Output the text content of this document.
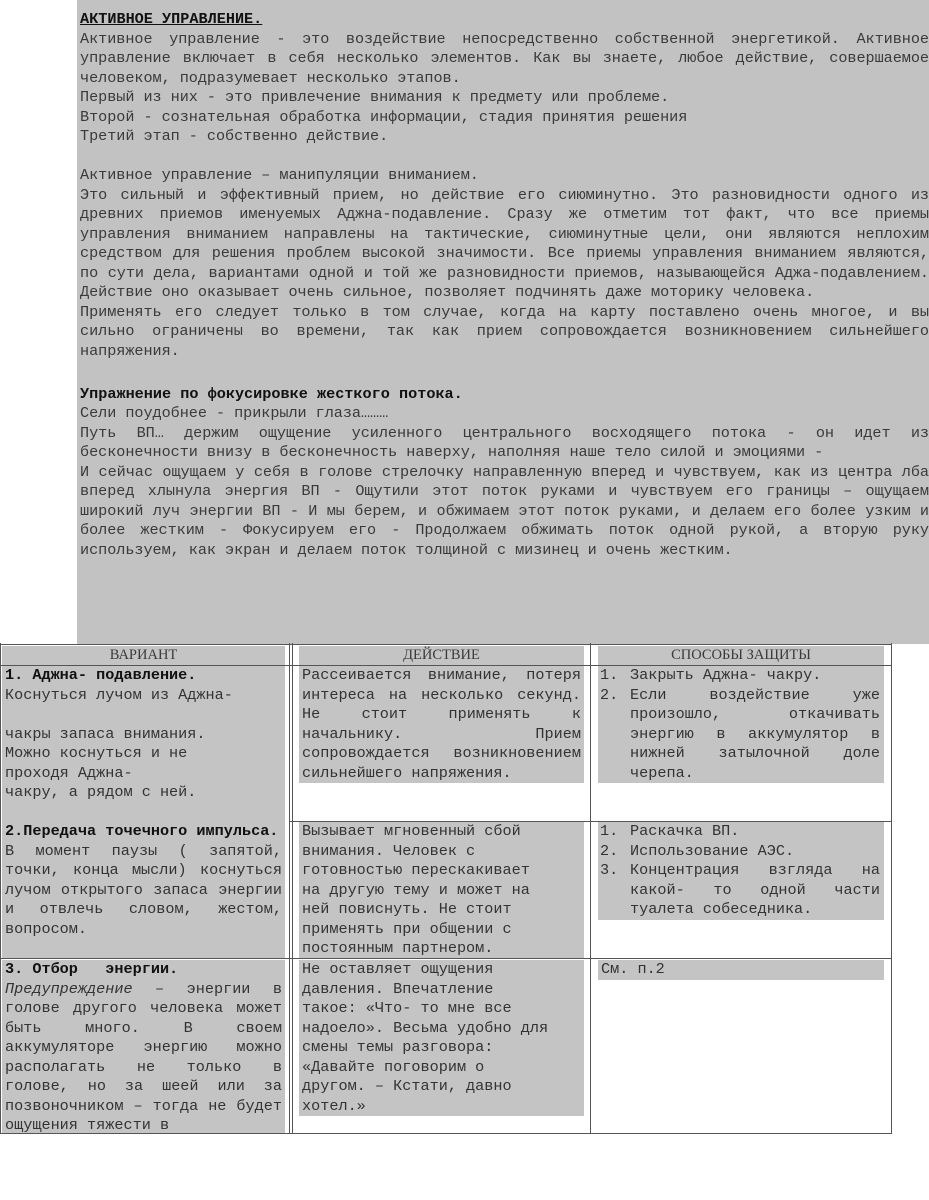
АКТИВНОЕ УПРАВЛЕНИЕ.

Активное управление - это воздействие непосредственно собственной энергетикой. Активное управление включает в себя несколько элементов. Как вы знаете, любое действие, совершаемое человеком, подразумевает несколько этапов.

Первый из них - это привлечение внимания к предмету или проблеме.

Второй - сознательная обработка информации, стадия принятия решения

Третий этап - собственно действие.

Активное управление – манипуляции вниманием.

Это сильный и эффективный прием, но действие его сиюминутно. Это разновидности одного из древних приемов именуемых Аджна-подавление. Сразу же отметим тот факт, что все приемы управления вниманием направлены на тактические, сиюминутные цели, они являются неплохим средством для решения проблем высокой значимости. Все приемы управления вниманием являются, по сути дела, вариантами одной и той же разновидности приемов, называющейся Аджа-подавлением. Действие оно оказывает очень сильное, позволяет подчинять даже моторику человека.

Применять его следует только в том случае, когда на карту поставлено очень многое, и вы сильно ограничены во времени, так как прием сопровождается возникновением сильнейшего напряжения.

Упражнение по фокусировке жесткого потока.

Сели поудобнее - прикрыли глаза………

Путь ВП… держим ощущение усиленного центрального восходящего потока - он идет из бесконечности внизу в бесконечность наверху, наполняя наше тело силой и эмоциями -

И сейчас ощущаем у себя в голове стрелочку направленную вперед и чувствуем, как из центра лба вперед хлынула энергия ВП - Ощутили этот поток руками и чувствуем его границы – ощущаем широкий луч энергии ВП - И мы берем, и обжимаем этот поток руками, и делаем его более узким и более жестким - Фокусируем его - Продолжаем обжимать поток одной рукой, а вторую руку используем, как экран и делаем поток толщиной с мизинец и очень жестким.

ВАРИАНТ	ДЕЙСТВИЕ	СПОСОБЫ ЗАЩИТЫ
1. Аджна- подавление.
Коснуться лучом из Аджна-
чакры запаса внимания.
Можно коснуться и не
проходя Аджна-
чакру, а рядом с ней.
Рассеивается внимание, потеря интереса на несколько секунд. Не стоит применять к начальнику. Прием сопровождается возникновением сильнейшего напряжения.
1. Закрыть Аджна- чакру.
2. Если воздействие уже произошло, откачивать энергию в аккумулятор в нижней затылочной доле черепа.
2.Передача точечного импульса.
В момент паузы ( запятой, точки, конца мысли) коснуться лучом открытого запаса энергии и отвлечь словом, жестом, вопросом.
Вызывает мгновенный сбой
внимания. Человек с
готовностью перескакивает
на другую тему и может на
ней повиснуть. Не стоит
применять при общении с
постоянным партнером.
1. Раскачка ВП.
2. Использование АЭС.
3. Концентрация взгляда на какой- то одной части туалета собеседника.
3. Отбор   энергии.
Предупреждение – энергии в голове другого человека может быть много. В своем аккумуляторе энергию можно располагать не только в голове, но за шеей или за позвоночником – тогда не будет ощущения тяжести в
Не оставляет ощущения
давления. Впечатление
такое: «Что- то мне все
надоело». Весьма удобно для
смены темы разговора:
«Давайте поговорим о
другом. – Кстати, давно
хотел.»
См. п.2
